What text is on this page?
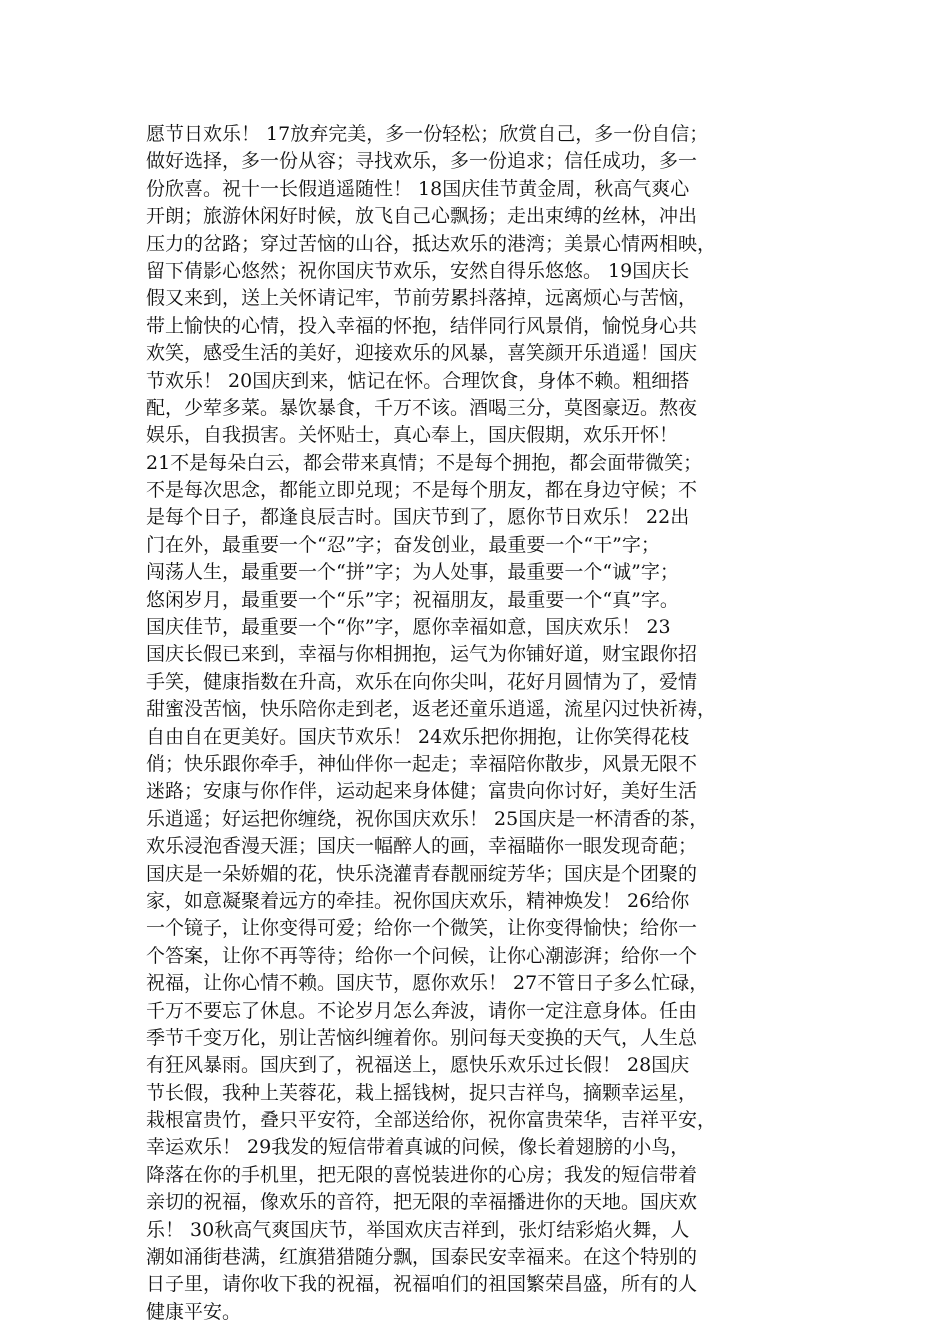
愿节日欢乐！ 17放弃完美，多一份轻松；欣赏自己，多一份自信；
做好选择，多一份从容；寻找欢乐，多一份追求；信任成功，多一
份欣喜。祝十一长假逍遥随性！ 18国庆佳节黄金周，秋高气爽心
开朗；旅游休闲好时候，放飞自己心飘扬；走出束缚的丝林，冲出
压力的岔路；穿过苦恼的山谷，抵达欢乐的港湾；美景心情两相映，
留下倩影心悠然；祝你国庆节欢乐，安然自得乐悠悠。 19国庆长
假又来到，送上关怀请记牢，节前劳累抖落掉，远离烦心与苦恼，
带上愉快的心情，投入幸福的怀抱，结伴同行风景俏，愉悦身心共
欢笑，感受生活的美好，迎接欢乐的风暴，喜笑颜开乐逍遥！国庆
节欢乐！ 20国庆到来，惦记在怀。合理饮食，身体不赖。粗细搭
配，少荤多菜。暴饮暴食，千万不该。酒喝三分，莫图豪迈。熬夜
娱乐，自我损害。关怀贴士，真心奉上，国庆假期，欢乐开怀！
21不是每朵白云，都会带来真情；不是每个拥抱，都会面带微笑；
不是每次思念，都能立即兑现；不是每个朋友，都在身边守候；不
是每个日子，都逢良辰吉时。国庆节到了，愿你节日欢乐！ 22出
门在外，最重要一个“忍”字；奋发创业，最重要一个“干”字；
闯荡人生，最重要一个“拼”字；为人处事，最重要一个“诚”字；
悠闲岁月，最重要一个“乐”字；祝福朋友，最重要一个“真”字。
国庆佳节，最重要一个“你”字，愿你幸福如意，国庆欢乐！ 23
国庆长假已来到，幸福与你相拥抱，运气为你铺好道，财宝跟你招
手笑，健康指数在升高，欢乐在向你尖叫，花好月圆情为了，爱情
甜蜜没苦恼，快乐陪你走到老，返老还童乐逍遥，流星闪过快祈祷，
自由自在更美好。国庆节欢乐！ 24欢乐把你拥抱，让你笑得花枝
俏；快乐跟你牵手，神仙伴你一起走；幸福陪你散步，风景无限不
迷路；安康与你作伴，运动起来身体健；富贵向你讨好，美好生活
乐逍遥；好运把你缠绕，祝你国庆欢乐！ 25国庆是一杯清香的茶，
欢乐浸泡香漫天涯；国庆一幅醉人的画，幸福瞄你一眼发现奇葩；
国庆是一朵娇媚的花，快乐浇灌青春靓丽绽芳华；国庆是个团聚的
家，如意凝聚着远方的牵挂。祝你国庆欢乐，精神焕发！ 26给你
一个镜子，让你变得可爱；给你一个微笑，让你变得愉快；给你一
个答案，让你不再等待；给你一个问候，让你心潮澎湃；给你一个
祝福，让你心情不赖。国庆节，愿你欢乐！ 27不管日子多么忙碌，
千万不要忘了休息。不论岁月怎么奔波，请你一定注意身体。任由
季节千变万化，别让苦恼纠缠着你。别问每天变换的天气，人生总
有狂风暴雨。国庆到了，祝福送上，愿快乐欢乐过长假！ 28国庆
节长假，我种上芙蓉花，栽上摇钱树，捉只吉祥鸟，摘颗幸运星，
栽根富贵竹，叠只平安符，全部送给你，祝你富贵荣华，吉祥平安，
幸运欢乐！ 29我发的短信带着真诚的问候，像长着翅膀的小鸟，
降落在你的手机里，把无限的喜悦装进你的心房；我发的短信带着
亲切的祝福，像欢乐的音符，把无限的幸福播进你的天地。国庆欢
乐！ 30秋高气爽国庆节，举国欢庆吉祥到，张灯结彩焰火舞，人
潮如涌街巷满，红旗猎猎随分飘，国泰民安幸福来。在这个特别的
日子里，请你收下我的祝福，祝福咱们的祖国繁荣昌盛，所有的人
健康平安。
